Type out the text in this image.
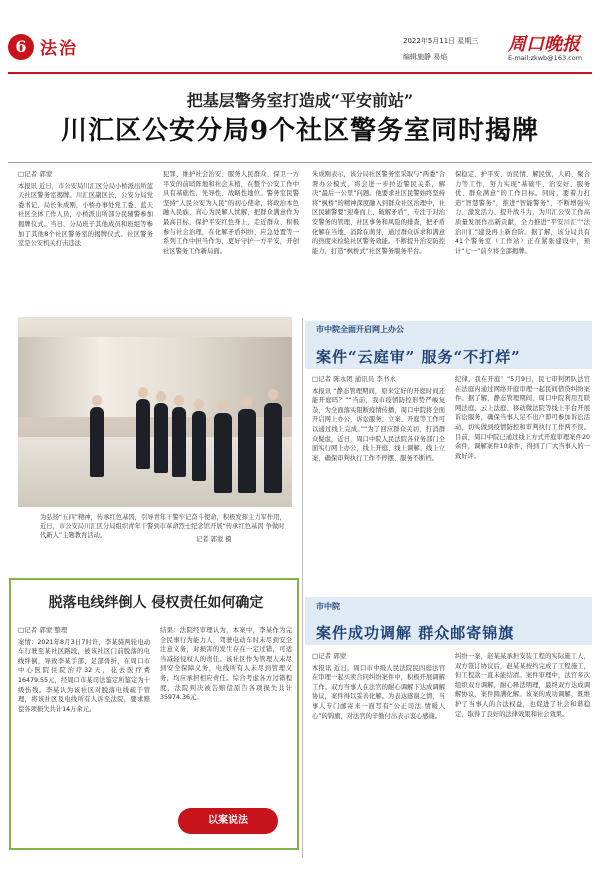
6 法治	2022年5月11日 星期三
编辑施静 易焰
周口晚报
E-mail:zkwb@163.com
把基层警务室打造成“平安前站”
川汇区公安分局9个社区警务室同时揭牌
□记者 郭蒙
本报讯 近日，市公安局川汇区分局小桥派出所蓝天社区警务室揭牌。川汇区副区长，公安分局党委书记、局长朱成刚，小桥办事处党工委、蓝天社区全体工作人员，小桥派出所部分民辅警参加揭牌仪式。当日，分局班子其他成员和班组等参加了其他8个社区警务室的揭牌仪式。社区警务室是公安机关打击违法
犯罪、维护社会治安、服务人民群众、保卫一方平安的前哨阵地和社会末梢，在整个公安工作中具有基础性、先导性、战略性地位。警务室民警坚持“人民公安为人民”的初心使命，将政治本色融入民族，真心为民解人忧解，把群众满意作为最高目标，保护平安红色身上，走近群众、积极参与社会治理，在化解矛盾纠纷、应急处置等一系列工作中担当作为，更好守护一方平安，开创社区警务工作新局面。
朱成刚表示，该分局社区警务室采取与“两委”合署办公模式，将会进一步拉近警民关系，解决“最后一公里”问题。他要求社区民警始终坚持将“枫桥”的精神深度融入到群众社区治理中，社区民辅警要“迎难而上、破解矛盾”，专注于对治安警务的管理、社区事务和风险的排查，把矛盾化解在当地、消除在萌芽，通过群众诉求和满意的热度来检验社区警务效能。不断提升治安防控能力，打造“枫桥式”社区警务服务平台。
保稳定、护平安、访民情、解民忧，人码、聚合力等工作，努力实现“基础牢、治安好、服务优、群众满意”的工作目标。同时，要着力打造“智慧警务”，推进“智能警务”，不断增强实力、激发活力、提升战斗力，为川汇公安工作高质量发展作出新贡献，全力推进“平安川汇”“法治川汇”建设再上新台阶。据了解，该分局共有41个警务室（工作站）正在紧张建设中，预计“七一”前夕将全部揭牌。
为弘扬“五四”精神，传承红色基因，引导青年干警牢记奋斗使命，积极发挥主力军作用，近日，市公安局川汇区分局组织青年干警到市革命烈士纪念馆开展“传承红色基因 争做时代新人”主题教育活动。
记者 郭蒙 摄
脱落电线绊倒人 侵权责任如何确定
□记者 郭蒙 整理
案情：2021年8月3日7时许，李某骑两轮电动车行驶至某社区路段，被该社区门前脱落的电线绊倒，导致李某手部、足部骨折，在周口市中心医院住院治疗32天，花去医疗费16479.55元，经周口市某司法鉴定所鉴定为十级伤残。李某认为该社区对脱落电线疏于管理，将该社区及电线所有人诉至法院，要求赔偿各项损失共计14万余元。
结果：法院经审理认为，本案中，李某作为完全民事行为能力人，驾驶电动车时未尽到安全注意义务，对损害的发生存在一定过错，可适当减轻侵权人的责任。该社区作为管理人未尽到安全保障义务，电线所有人未尽到管理义务，均应承担相应责任。综合考虑各方过错程度，法院判决被告赔偿原告各项损失共计35974.36元。
以案说法
市中院全面开启网上办公
案件“云庭审” 服务“不打烊”
□记者 陈永团 通讯员 李书永
本报讯 “静态管理期间，原来定好的开庭时间还能开庭吗？”“当前，我市疫情防控形势严峻复杂，为全面落实阻断疫情传播，周口中院将全面开启网上办公，诉讼服务、立案、开庭等工作可以通过线上完成。”“为了回应群众关切，打消群众疑虑，近日，周口中院人民法院各业务部门全面实行网上办公，线上开庭、线上调解、线上立案，确保审判执行工作不停摆、服务不断档。
纪律，我在开庭！”5月9日，民七审判团队法官在法庭内通过网络开庭审理一起民间借贷纠纷案件。据了解，静态管理期间，周口中院利用互联网法庭、云上法庭、移动微法院等线上平台开展诉讼服务，确保当事人足不出户即可参加诉讼活动，切实做到疫情防控和审判执行工作两不误。目前，周口中院已通过线上方式开庭审理案件20余件，调解案件10余件，得到了广大当事人的一致好评。
市中院
案件成功调解 群众邮寄锦旗
□记者 郭蒙
本报讯 近日，周口市中级人民法院民四庭法官在审理一起买卖合同纠纷案件中，积极开展调解工作。双方当事人在法官的耐心调解下达成调解协议，案件得以妥善化解。为表达感谢之情，当事人专门邮寄来一面写有“公正司法 情暖人心”的锦旗，对法官的辛勤付出表示衷心感谢。
纠纷一案，赵某某承担安装工程的实际施工人，双方签订协议后，赵某某按约完成了工程施工，但工程款一直未能结清。案件审理中，法官多次组织双方调解，耐心释法明理，最终双方达成调解协议，案件圆满化解。该案的成功调解，既维护了当事人的合法权益，也促进了社会和谐稳定，取得了良好的法律效果和社会效果。
